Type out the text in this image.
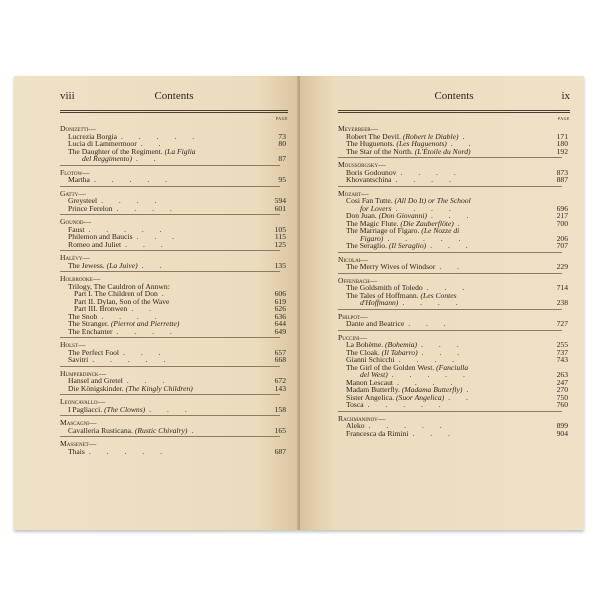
viii	Contents
PAGE
Donizetti—
Lucrezia Borgia . . . . .	73
Lucia di Lammermoor . .	80
The Daughter of the Regiment. (La Figlia
del Reggimento) . .	87
Flotow—
Martha . . . . .	95
Gatty—
Greysteel . . . .	594
Prince Ferelon . . . .	601
Gounod—
Faust . . . . .	105
Philemon and Baucis . . .	115
Romeo and Juliet . . .	125
Halévy—
The Jewess. (La Juive) . .	135
Holbrooke—
Trilogy, The Cauldron of Annwn:
Part I. The Children of Don .	606
Part II. Dylan, Son of the Wave	619
Part III. Bronwen . .	626
The Snob . . . .	636
The Stranger. (Pierrot and Pierrette)	644
The Enchanter . . . .	649
Holst—
The Perfect Fool . . .	657
Savitri . . . . .	668
Humperdinck—
Hansel and Gretel . . .	672
Die Königskinder. (The Kingly Children)	143
Leoncavallo—
I Pagliacci. (The Clowns) . . .	158
Mascagni—
Cavalleria Rusticana. (Rustic Chivalry) .	165
Massenet—
Thais . . . . .	687
Contents	ix
PAGE
Meyerbeer—
Robert The Devil. (Robert le Diable) .	171
The Huguenots. (Les Huguenots) . .	180
The Star of the North. (L'Étoile du Nord)	192
Moussorgsky—
Boris Godounov . . . .	873
Khovantschina . . . .	887
Mozart—
Cosi Fan Tutte. (All Do It) or The School
for Lovers . . . .	696
Don Juan. (Don Giovanni) . . .	217
The Magic Flute. (Die Zauberflöte) .	700
The Marriage of Figaro. (Le Nozze di
Figaro) . . . . .	206
The Seraglio. (Il Seraglio) . . .	707
Nicolai—
The Merry Wives of Windsor . .	229
Offenbach—
The Goldsmith of Toledo . . .	714
The Tales of Hoffmann. (Les Contes
d'Hoffmann) . . . .	238
Philpot—
Dante and Beatrice . . .	727
Puccini—
La Bohème. (Bohemia) . . .	255
The Cloak. (Il Tabarro) . . .	737
Gianni Schicchi . . . .	743
The Girl of the Golden West. (Fanciulla
del West) . . . . .	263
Manon Lescaut . . . .	247
Madam Butterfly. (Madama Butterfly) .	270
Sister Angelica. (Suor Angelica) . .	750
Tosca . . . . .	760
Rachmaninov—
Aleko . . . . .	899
Francesca da Rimini . . .	904
